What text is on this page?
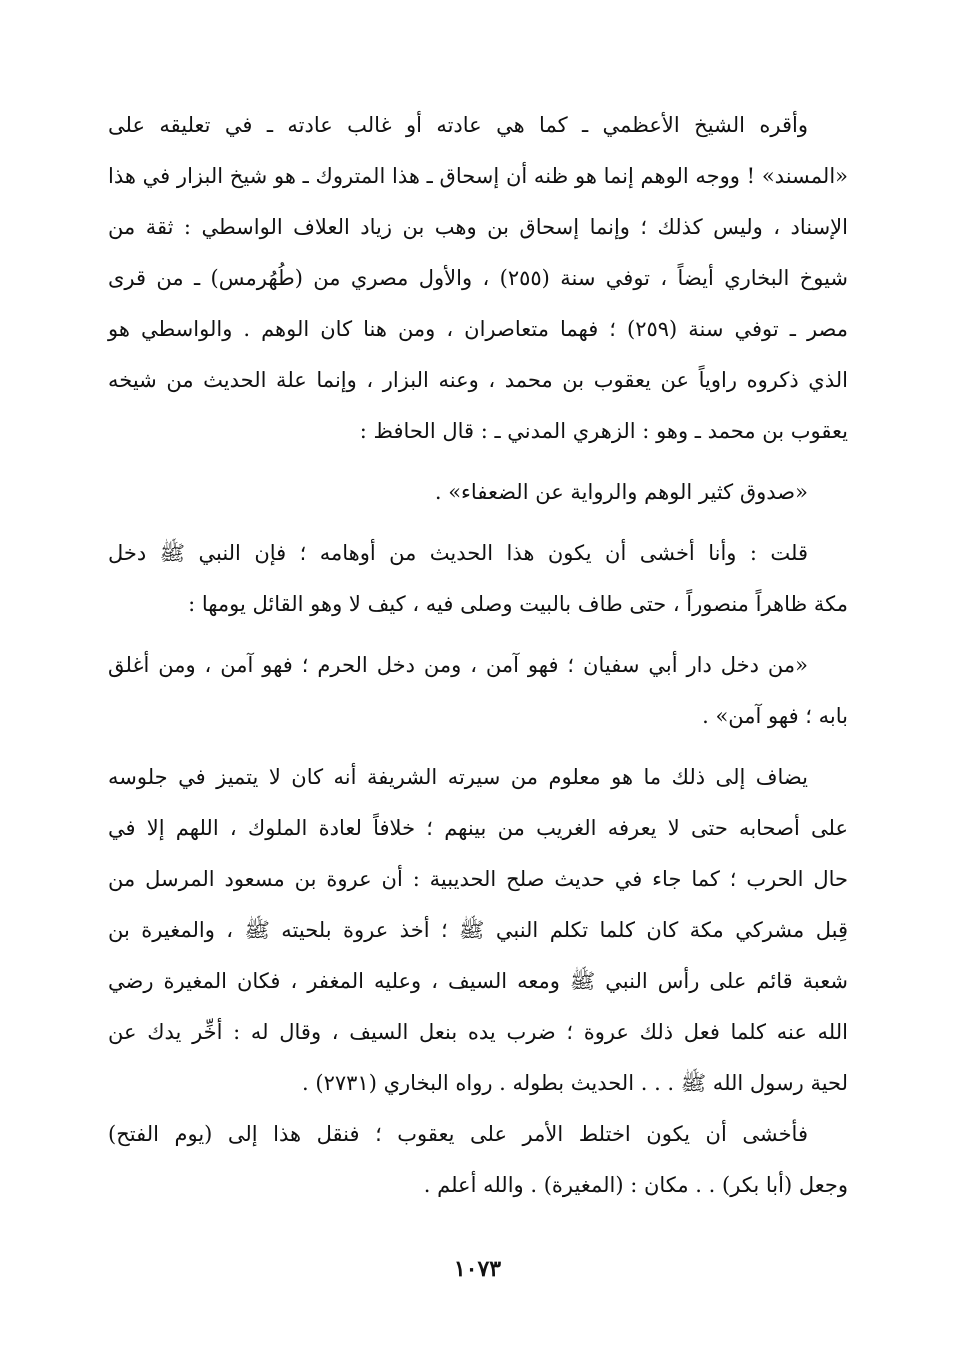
وأقره الشيخ الأعظمي ـ كما هي عادته أو غالب عادته ـ في تعليقه على
«المسند» ! ووجه الوهم إنما هو ظنه أن إسحاق ـ هذا المتروك ـ هو شيخ البزار في هذا
الإسناد ، وليس كذلك ؛ وإنما إسحاق بن وهب بن زياد العلاف الواسطي : ثقة من
شيوخ البخاري أيضاً ، توفي سنة (٢٥٥) ، والأول مصري من (طُهُرمس) ـ من قرى
مصر ـ توفي سنة (٢٥٩) ؛ فهما متعاصران ، ومن هنا كان الوهم . والواسطي هو
الذي ذكروه راوياً عن يعقوب بن محمد ، وعنه البزار ، وإنما علة الحديث من شيخه
يعقوب بن محمد ـ وهو : الزهري المدني ـ : قال الحافظ :
«صدوق كثير الوهم والرواية عن الضعفاء» .
قلت : وأنا أخشى أن يكون هذا الحديث من أوهامه ؛ فإن النبي ﷺ دخل
مكة ظاهراً منصوراً ، حتى طاف بالبيت وصلى فيه ، كيف لا وهو القائل يومها :
«من دخل دار أبي سفيان ؛ فهو آمن ، ومن دخل الحرم ؛ فهو آمن ، ومن أغلق
بابه ؛ فهو آمن» .
يضاف إلى ذلك ما هو معلوم من سيرته الشريفة أنه كان لا يتميز في جلوسه
على أصحابه حتى لا يعرفه الغريب من بينهم ؛ خلافاً لعادة الملوك ، اللهم إلا في
حال الحرب ؛ كما جاء في حديث صلح الحديبية : أن عروة بن مسعود المرسل من
قِبل مشركي مكة كان كلما تكلم النبي ﷺ ؛ أخذ عروة بلحيته ﷺ ، والمغيرة بن
شعبة قائم على رأس النبي ﷺ ومعه السيف ، وعليه المغفر ، فكان المغيرة رضي
الله عنه كلما فعل ذلك عروة ؛ ضرب يده بنعل السيف ، وقال له : أخِّر يدك عن
لحية رسول الله ﷺ . . . الحديث بطوله . رواه البخاري (٢٧٣١) .
فأخشى أن يكون اختلط الأمر على يعقوب ؛ فنقل هذا إلى (يوم الفتح)
وجعل (أبا بكر) . . مكان : (المغيرة) . والله أعلم .
١٠٧٣
